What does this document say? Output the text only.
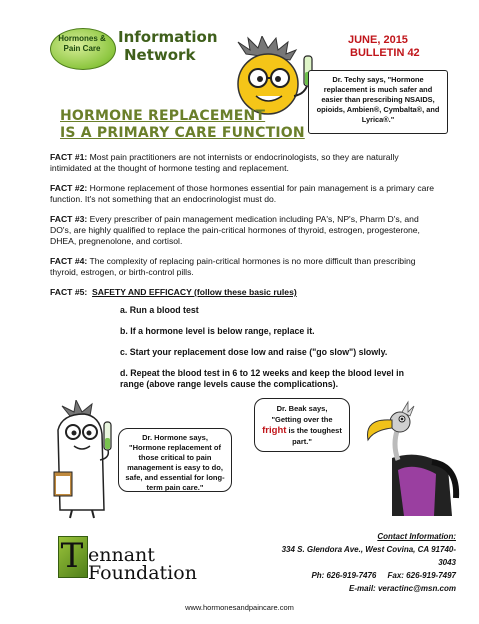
Hormones & Pain Care
Information
Network
JUNE, 2015
BULLETIN 42
Dr. Techy says, "Hormone replacement is much safer and easier than prescribing NSAIDS, opioids, Ambien®, Cymbalta®, and Lyrica®."
HORMONE REPLACEMENT
IS A PRIMARY CARE FUNCTION
FACT #1: Most pain practitioners are not internists or endocrinologists, so they are naturally intimidated at the thought of hormone testing and replacement.
FACT #2: Hormone replacement of those hormones essential for pain management is a primary care function. It's not something that an endocrinologist must do.
FACT #3: Every prescriber of pain management medication including PA's, NP's, Pharm D's, and DO's, are highly qualified to replace the pain-critical hormones of thyroid, estrogen, progesterone, DHEA, pregnenolone, and cortisol.
FACT #4: The complexity of replacing pain-critical hormones is no more difficult than prescribing thyroid, estrogen, or birth-control pills.
FACT #5: SAFETY AND EFFICACY (follow these basic rules)
a. Run a blood test
b. If a hormone level is below range, replace it.
c. Start your replacement dose low and raise ("go slow") slowly.
d. Repeat the blood test in 6 to 12 weeks and keep the blood level in range (above range levels cause the complications).
Dr. Hormone says,
"Hormone replacement of those critical to pain management is easy to do, safe, and essential for long-term pain care."
Dr. Beak says,
"Getting over the
fright is the toughest part."
T ennant
Foundation
Contact Information:
334 S. Glendora Ave., West Covina, CA 91740-3043
Ph: 626-919-7476 Fax: 626-919-7497
E-mail: veractinc@msn.com
www.hormonesandpaincare.com
